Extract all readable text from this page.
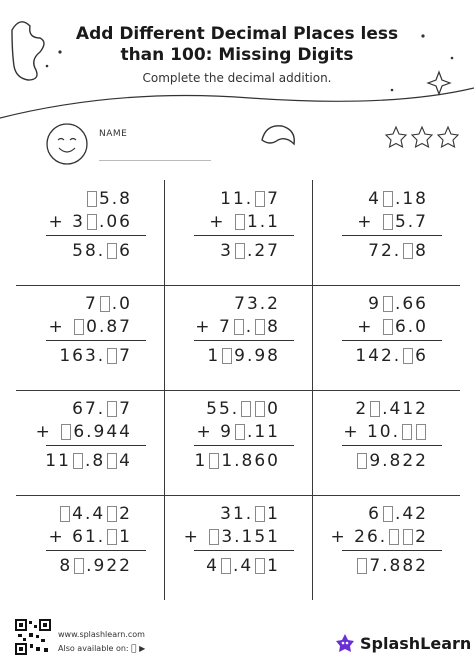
Add Different Decimal Places less
than 100: Missing Digits
Complete the decimal addition.
NAME
5.8
+ 3 .06
58. 6
11. 7
+ 1.1
3 .27
4 .18
+ 5.7
72. 8
7 .0
+ 0.87
163. 7
73.2
+ 7 . 8
1 9.98
9 .66
+ 6.0
142. 6
67. 7
+ 6.944
11 .8 4
55. 0
+ 9 .11
1 1.860
2 .412
+ 10.
9.822
4.4 2
+ 61. 1
8 .922
31. 1
+ 3.151
4 .4 1
6 .42
+ 26. 2
7.882
www.splashlearn.com
Also available on: ▶	SplashLearn
